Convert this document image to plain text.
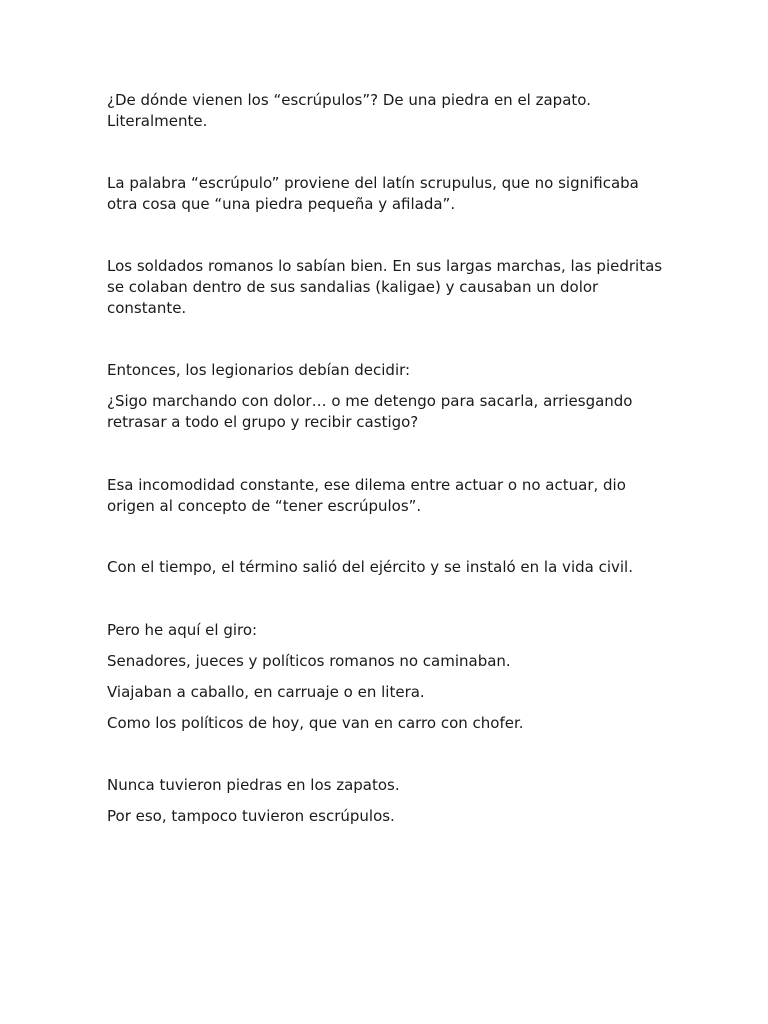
¿De dónde vienen los “escrúpulos”? De una piedra en el zapato. Literalmente.

La palabra “escrúpulo” proviene del latín scrupulus, que no significaba otra cosa que “una piedra pequeña y afilada”.

Los soldados romanos lo sabían bien. En sus largas marchas, las piedritas se colaban dentro de sus sandalias (kaligae) y causaban un dolor constante.

Entonces, los legionarios debían decidir:

¿Sigo marchando con dolor… o me detengo para sacarla, arriesgando retrasar a todo el grupo y recibir castigo?

Esa incomodidad constante, ese dilema entre actuar o no actuar, dio origen al concepto de “tener escrúpulos”.

Con el tiempo, el término salió del ejército y se instaló en la vida civil.

Pero he aquí el giro:

Senadores, jueces y políticos romanos no caminaban.

Viajaban a caballo, en carruaje o en litera.

Como los políticos de hoy, que van en carro con chofer.

Nunca tuvieron piedras en los zapatos.

Por eso, tampoco tuvieron escrúpulos.
